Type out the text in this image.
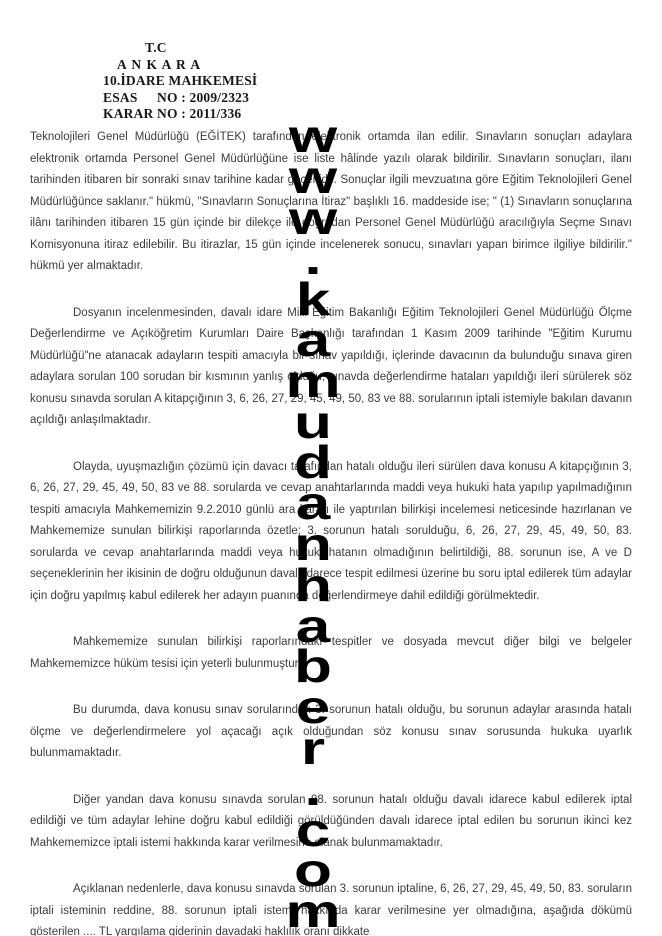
T.C
A N K A R A
10.İDARE MAHKEMESİ
ESAS	NO : 2009/2323
KARAR NO : 2011/336

Teknolojileri Genel Müdürlüğü (EĞİTEK) tarafından elektronik ortamda ilan edilir. Sınavların sonuçları adaylara elektronik ortamda Personel Genel Müdürlüğüne ise liste hâlinde yazılı olarak bildirilir. Sınavların sonuçları, ilanı tarihinden itibaren bir sonraki sınav tarihine kadar geçerlidir. Sonuçlar ilgili mevzuatına göre Eğitim Teknolojileri Genel Müdürlüğünce saklanır." hükmü, "Sınavların Sonuçlarına İtiraz" başlıklı 16. maddeside ise; " (1) Sınavların sonuçlarına ilânı tarihinden itibaren 15 gün içinde bir dilekçe ile doğrudan Personel Genel Müdürlüğü aracılığıyla Seçme Sınavı Komisyonuna itiraz edilebilir. Bu itirazlar, 15 gün içinde incelenerek sonucu, sınavları yapan birimce ilgiliye bildirilir." hükmü yer almaktadır.

Dosyanın incelenmesinden, davalı idare Milli Eğitim Bakanlığı Eğitim Teknolojileri Genel Müdürlüğü Ölçme Değerlendirme ve Açıköğretim Kurumları Daire Başkanlığı tarafından 1 Kasım 2009 tarihinde "Eğitim Kurumu Müdürlüğü"ne atanacak adayların tespiti amacıyla bir sınav yapıldığı, içlerinde davacının da bulunduğu sınava giren adaylara sorulan 100 sorudan bir kısmının yanlış olduğu, sınavda değerlendirme hataları yapıldığı ileri sürülerek söz konusu sınavda sorulan A kitapçığının 3, 6, 26, 27, 29, 45, 49, 50, 83 ve 88. sorularının iptali istemiyle bakılan davanın açıldığı anlaşılmaktadır.

Olayda, uyuşmazlığın çözümü için davacı tarafından hatalı olduğu ileri sürülen dava konusu A kitapçığının 3, 6, 26, 27, 29, 45, 49, 50, 83 ve 88. sorularda ve cevap anahtarlarında maddi veya hukuki hata yapılıp yapılmadığının tespiti amacıyla Mahkememizin 9.2.2010 günlü ara kararı ile yaptırılan bilirkişi incelemesi neticesinde hazırlanan ve Mahkememize sunulan bilirkişi raporlarında özetle; 3. sorunun hatalı sorulduğu, 6, 26, 27, 29, 45, 49, 50, 83. sorularda ve cevap anahtarlarında maddi veya hukuki hatanın olmadığının belirtildiği, 88. sorunun ise, A ve D seçeneklerinin her ikisinin de doğru olduğunun davalı idarece tespit edilmesi üzerine bu soru iptal edilerek tüm adaylar için doğru yapılmış kabul edilerek her adayın puanında değerlendirmeye dahil edildiği görülmektedir.

Mahkememize sunulan bilirkişi raporlarındaki tespitler ve dosyada mevcut diğer bilgi ve belgeler Mahkememizce hüküm tesisi için yeterli bulunmuştur.

Bu durumda, dava konusu sınav sorularından 3. sorunun hatalı olduğu, bu sorunun adaylar arasında hatalı ölçme ve değerlendirmelere yol açacağı açık olduğundan söz konusu sınav sorusunda hukuka uyarlık bulunmamaktadır.

Diğer yandan dava konusu sınavda sorulan 88. sorunun hatalı olduğu davalı idarece kabul edilerek iptal edildiği ve tüm adaylar lehine doğru kabul edildiği görüldüğünden davalı idarece iptal edilen bu sorunun ikinci kez Mahkememizce iptali istemi hakkında karar verilmesine olanak bulunmamaktadır.

Açıklanan nedenlerle, dava konusu sınavda sorulan 3. sorunun iptaline, 6, 26, 27, 29, 45, 49, 50, 83. soruların iptali isteminin reddine, 88. sorunun iptali istemi hakkında karar verilmesine yer olmadığına, aşağıda dökümü gösterilen .... TL yargılama giderinin davadaki haklılık oranı dikkate

w
w
w
.
k
a
m
u
d
a
n
h
a
b
e
r
.
c
o
m
